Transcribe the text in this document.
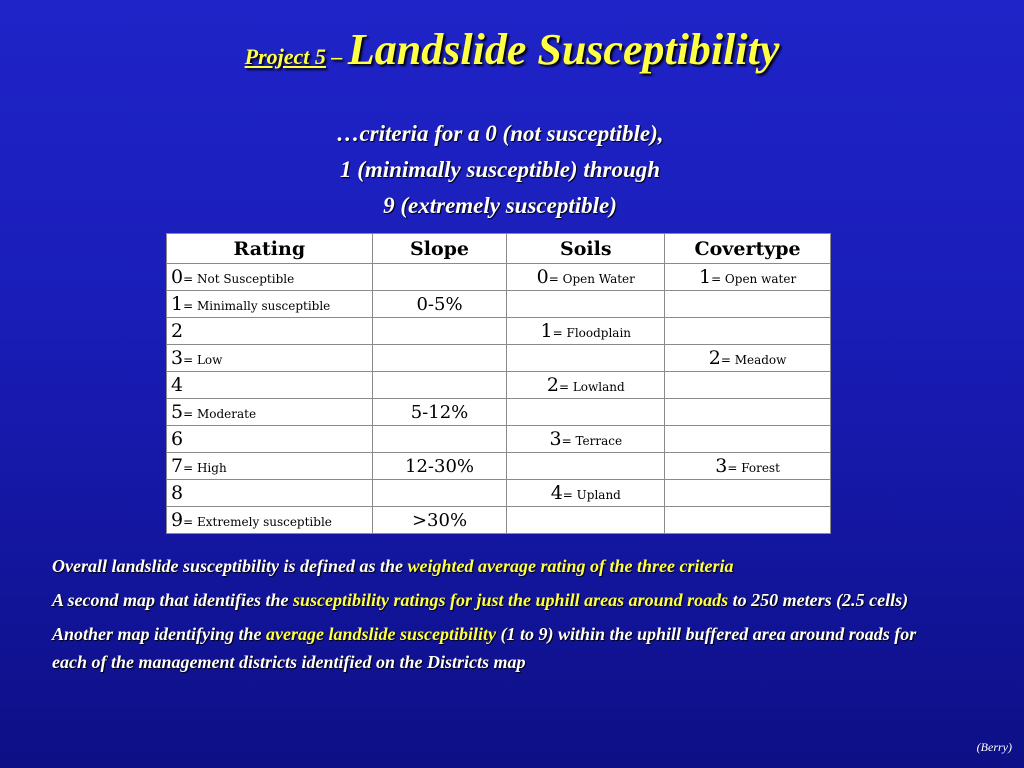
Project 5 – Landslide Susceptibility
…criteria for a 0 (not susceptible),
1 (minimally susceptible) through
9 (extremely susceptible)
Rating	Slope	Soils	Covertype
0= Not Susceptible		0= Open Water	1= Open water
1= Minimally susceptible	0-5%		
2		1= Floodplain	
3= Low			2= Meadow
4		2= Lowland	
5= Moderate	5-12%		
6		3= Terrace	
7= High	12-30%		3= Forest
8		4= Upland	
9= Extremely susceptible	>30%		

Overall landslide susceptibility is defined as the weighted average rating of the three criteria

A second map that identifies the susceptibility ratings for just the uphill areas around roads to 250 meters (2.5 cells)

Another map identifying the average landslide susceptibility (1 to 9) within the uphill buffered area around roads for each of the management districts identified on the Districts map

(Berry)
